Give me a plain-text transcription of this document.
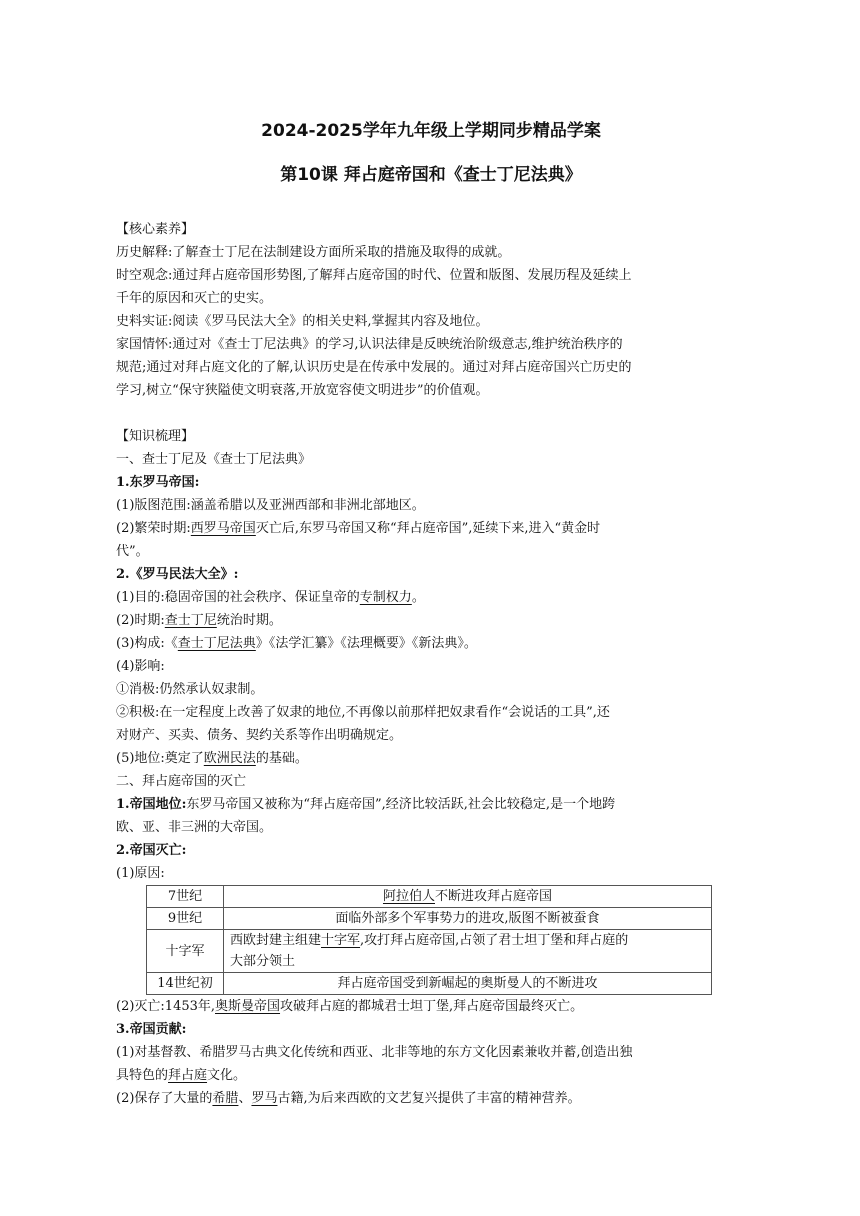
2024-2025学年九年级上学期同步精品学案
第10课 拜占庭帝国和《查士丁尼法典》
【核心素养】
历史解释:了解查士丁尼在法制建设方面所采取的措施及取得的成就。
时空观念:通过拜占庭帝国形势图,了解拜占庭帝国的时代、位置和版图、发展历程及延续上
千年的原因和灭亡的史实。
史料实证:阅读《罗马民法大全》的相关史料,掌握其内容及地位。
家国情怀:通过对《查士丁尼法典》的学习,认识法律是反映统治阶级意志,维护统治秩序的
规范;通过对拜占庭文化的了解,认识历史是在传承中发展的。通过对拜占庭帝国兴亡历史的
学习,树立“保守狭隘使文明衰落,开放宽容使文明进步”的价值观。
【知识梳理】
一、查士丁尼及《查士丁尼法典》
1.东罗马帝国:
(1)版图范围:涵盖希腊以及亚洲西部和非洲北部地区。
(2)繁荣时期:西罗马帝国灭亡后,东罗马帝国又称“拜占庭帝国”,延续下来,进入“黄金时
代”。
2.《罗马民法大全》:
(1)目的:稳固帝国的社会秩序、保证皇帝的专制权力。
(2)时期:查士丁尼统治时期。
(3)构成:《查士丁尼法典》《法学汇纂》《法理概要》《新法典》。
(4)影响:
①消极:仍然承认奴隶制。
②积极:在一定程度上改善了奴隶的地位,不再像以前那样把奴隶看作“会说话的工具”,还
对财产、买卖、债务、契约关系等作出明确规定。
(5)地位:奠定了欧洲民法的基础。
二、拜占庭帝国的灭亡
1.帝国地位:东罗马帝国又被称为“拜占庭帝国”,经济比较活跃,社会比较稳定,是一个地跨
欧、亚、非三洲的大帝国。
2.帝国灭亡:
(1)原因:
7世纪	阿拉伯人不断进攻拜占庭帝国
9世纪	面临外部多个军事势力的进攻,版图不断被蚕食
十字军	西欧封建主组建十字军,攻打拜占庭帝国,占领了君士坦丁堡和拜占庭的
大部分领土
14世纪初	拜占庭帝国受到新崛起的奥斯曼人的不断进攻
(2)灭亡:1453年,奥斯曼帝国攻破拜占庭的都城君士坦丁堡,拜占庭帝国最终灭亡。
3.帝国贡献:
(1)对基督教、希腊罗马古典文化传统和西亚、北非等地的东方文化因素兼收并蓄,创造出独
具特色的拜占庭文化。
(2)保存了大量的希腊、罗马古籍,为后来西欧的文艺复兴提供了丰富的精神营养。
